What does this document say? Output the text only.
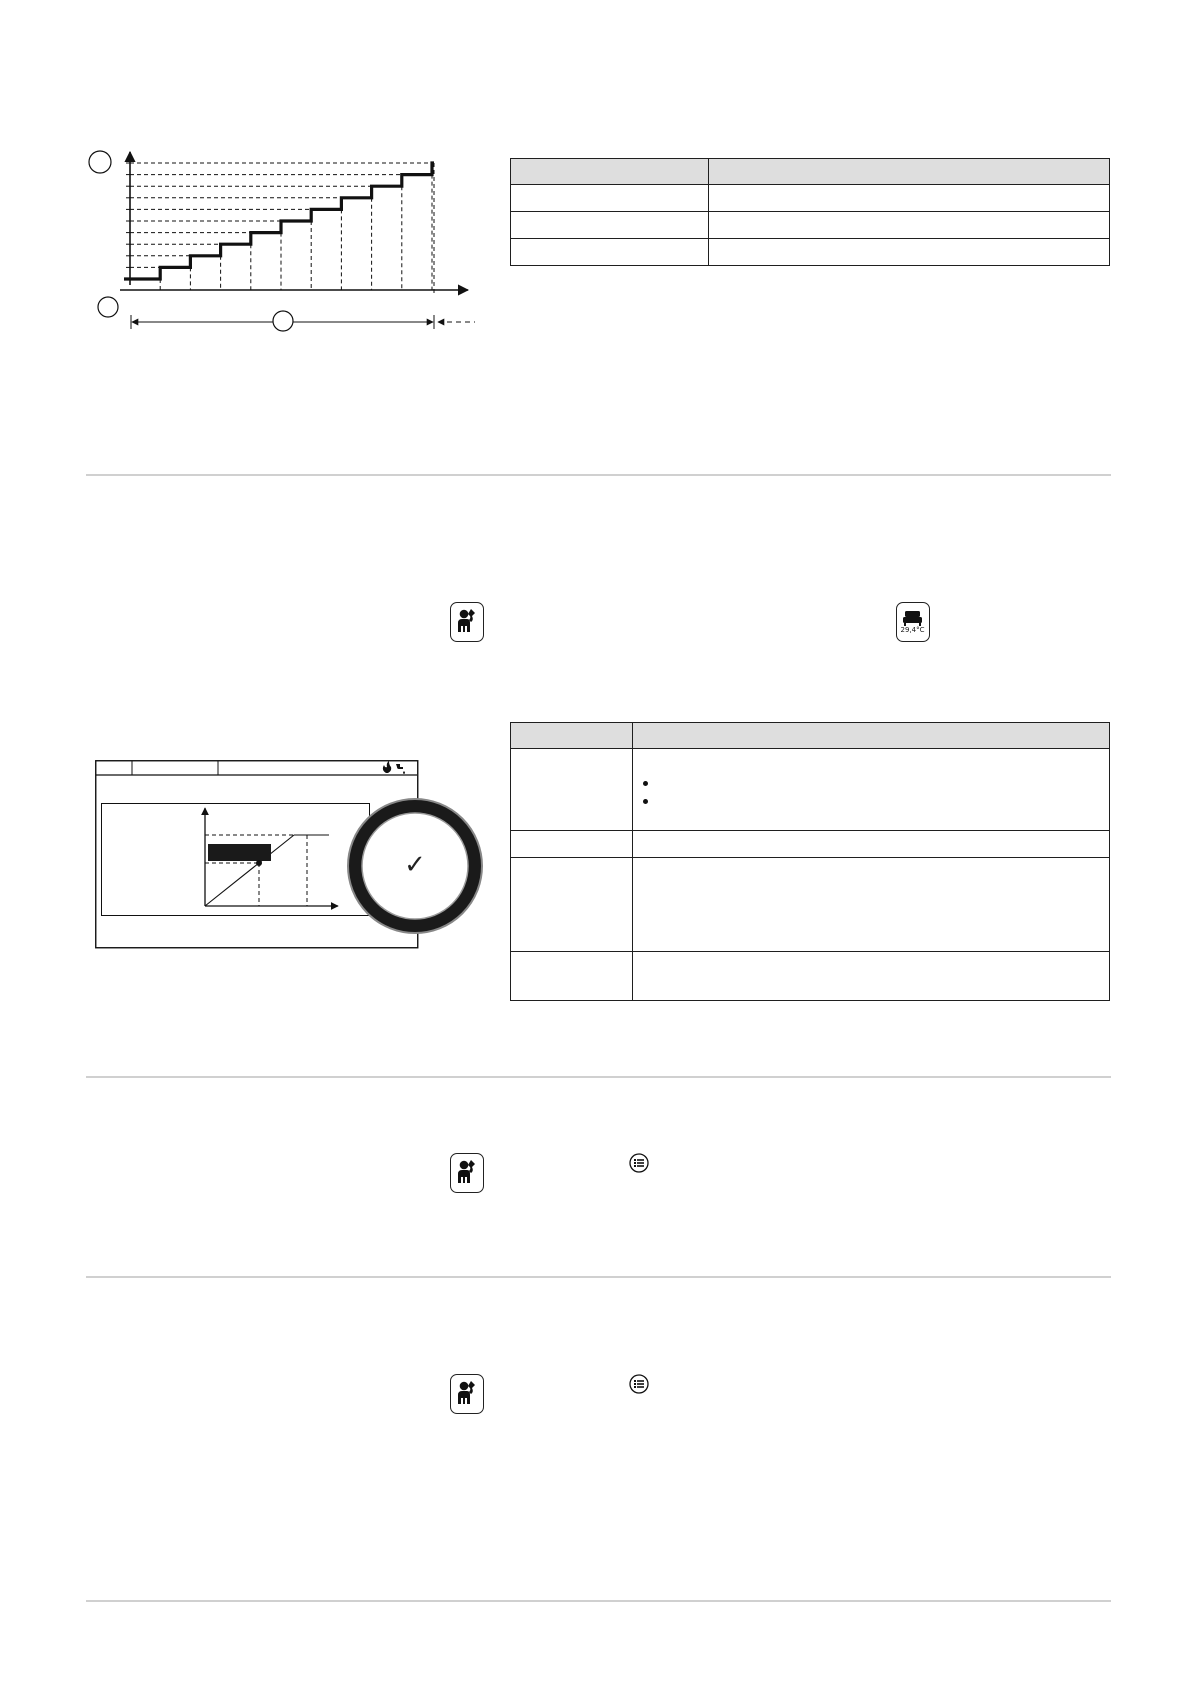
29,4°C
✓
